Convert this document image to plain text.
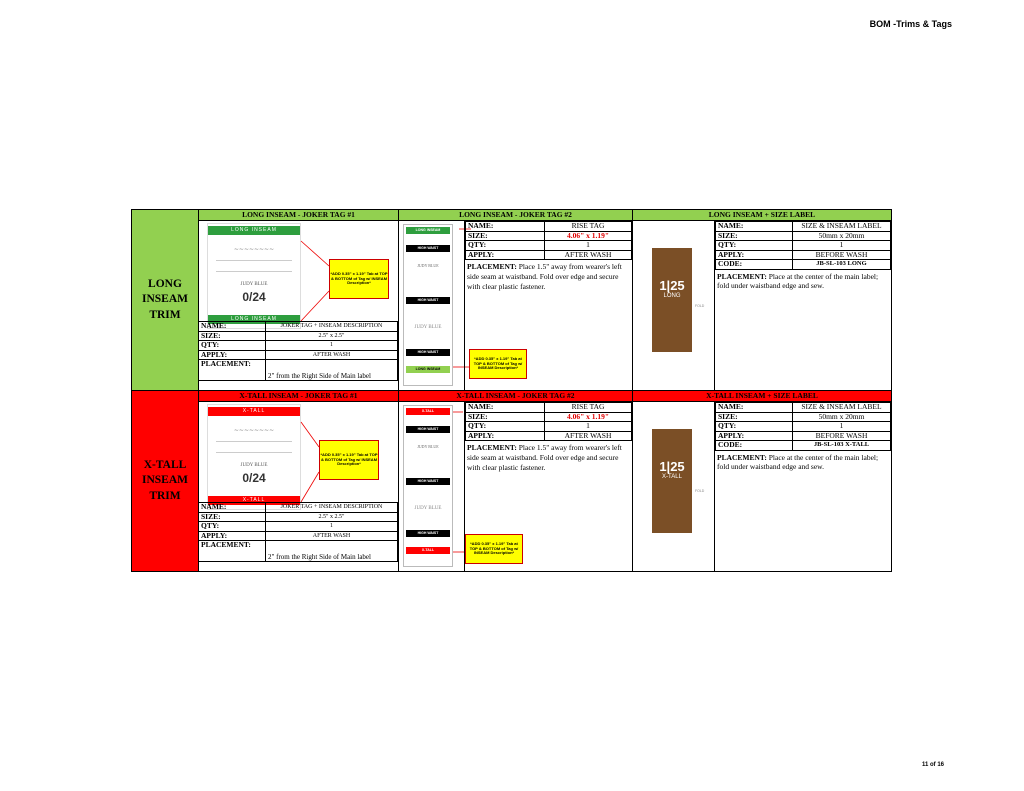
BOM -Trims & Tags
LONG
INSEAM
TRIM
LONG INSEAM - JOKER TAG #1
LONG INSEAM
~~~~~~~~
JUDY BLUE
0/24
LONG INSEAM
*ADD 0.35" x 1.19" Tab at TOP & BOTTOM of Tag w/ INSEAM Description*
NAME:	JOKER TAG + INSEAM DESCRIPTION
SIZE:	2.5" x 2.5"
QTY:	1
APPLY:	AFTER WASH
PLACEMENT:	2" from the Right Side of Main label
LONG INSEAM - JOKER TAG #2
LONG INSEAM
HIGH WAIST
JUDY BLUE
HIGH WAIST
JUDY BLUE
HIGH WAIST
LONG INSEAM
*ADD 0.35" x 1.19" Tab at TOP & BOTTOM of Tag w/ INSEAM Description*
NAME:	RISE TAG
SIZE:	4.06" x 1.19"
QTY:	1
APPLY:	AFTER WASH
PLACEMENT: Place 1.5" away from wearer's left side seam at waistband. Fold over edge and secure with clear plastic fastener.
LONG INSEAM + SIZE LABEL
1|25
LONG
FOLD
NAME:	SIZE & INSEAM LABEL
SIZE:	50mm x 20mm
QTY:	1
APPLY:	BEFORE WASH
CODE:	JB-SL-103 LONG
PLACEMENT: Place at the center of the main label; fold under waistband edge and sew.
X-TALL
INSEAM
TRIM
X-TALL INSEAM - JOKER TAG #1
X-TALL
~~~~~~~~
JUDY BLUE
0/24
X-TALL
*ADD 0.35" x 1.19" Tab at TOP & BOTTOM of Tag w/ INSEAM Description*
NAME:	JOKER TAG + INSEAM DESCRIPTION
SIZE:	2.5" x 2.5"
QTY:	1
APPLY:	AFTER WASH
PLACEMENT:	2" from the Right Side of Main label
X-TALL INSEAM - JOKER TAG #2
X-TALL
HIGH WAIST
JUDY BLUE
HIGH WAIST
JUDY BLUE
HIGH WAIST
X-TALL
*ADD 0.35" x 1.19" Tab at TOP & BOTTOM of Tag w/ INSEAM Description*
NAME:	RISE TAG
SIZE:	4.06" x 1.19"
QTY:	1
APPLY:	AFTER WASH
PLACEMENT: Place 1.5" away from wearer's left side seam at waistband. Fold over edge and secure with clear plastic fastener.
X-TALL INSEAM + SIZE LABEL
1|25
X-TALL
FOLD
NAME:	SIZE & INSEAM LABEL
SIZE:	50mm x 20mm
QTY:	1
APPLY:	BEFORE WASH
CODE:	JB-SL-103 X-TALL
PLACEMENT: Place at the center of the main label; fold under waistband edge and sew.
11 of 16
